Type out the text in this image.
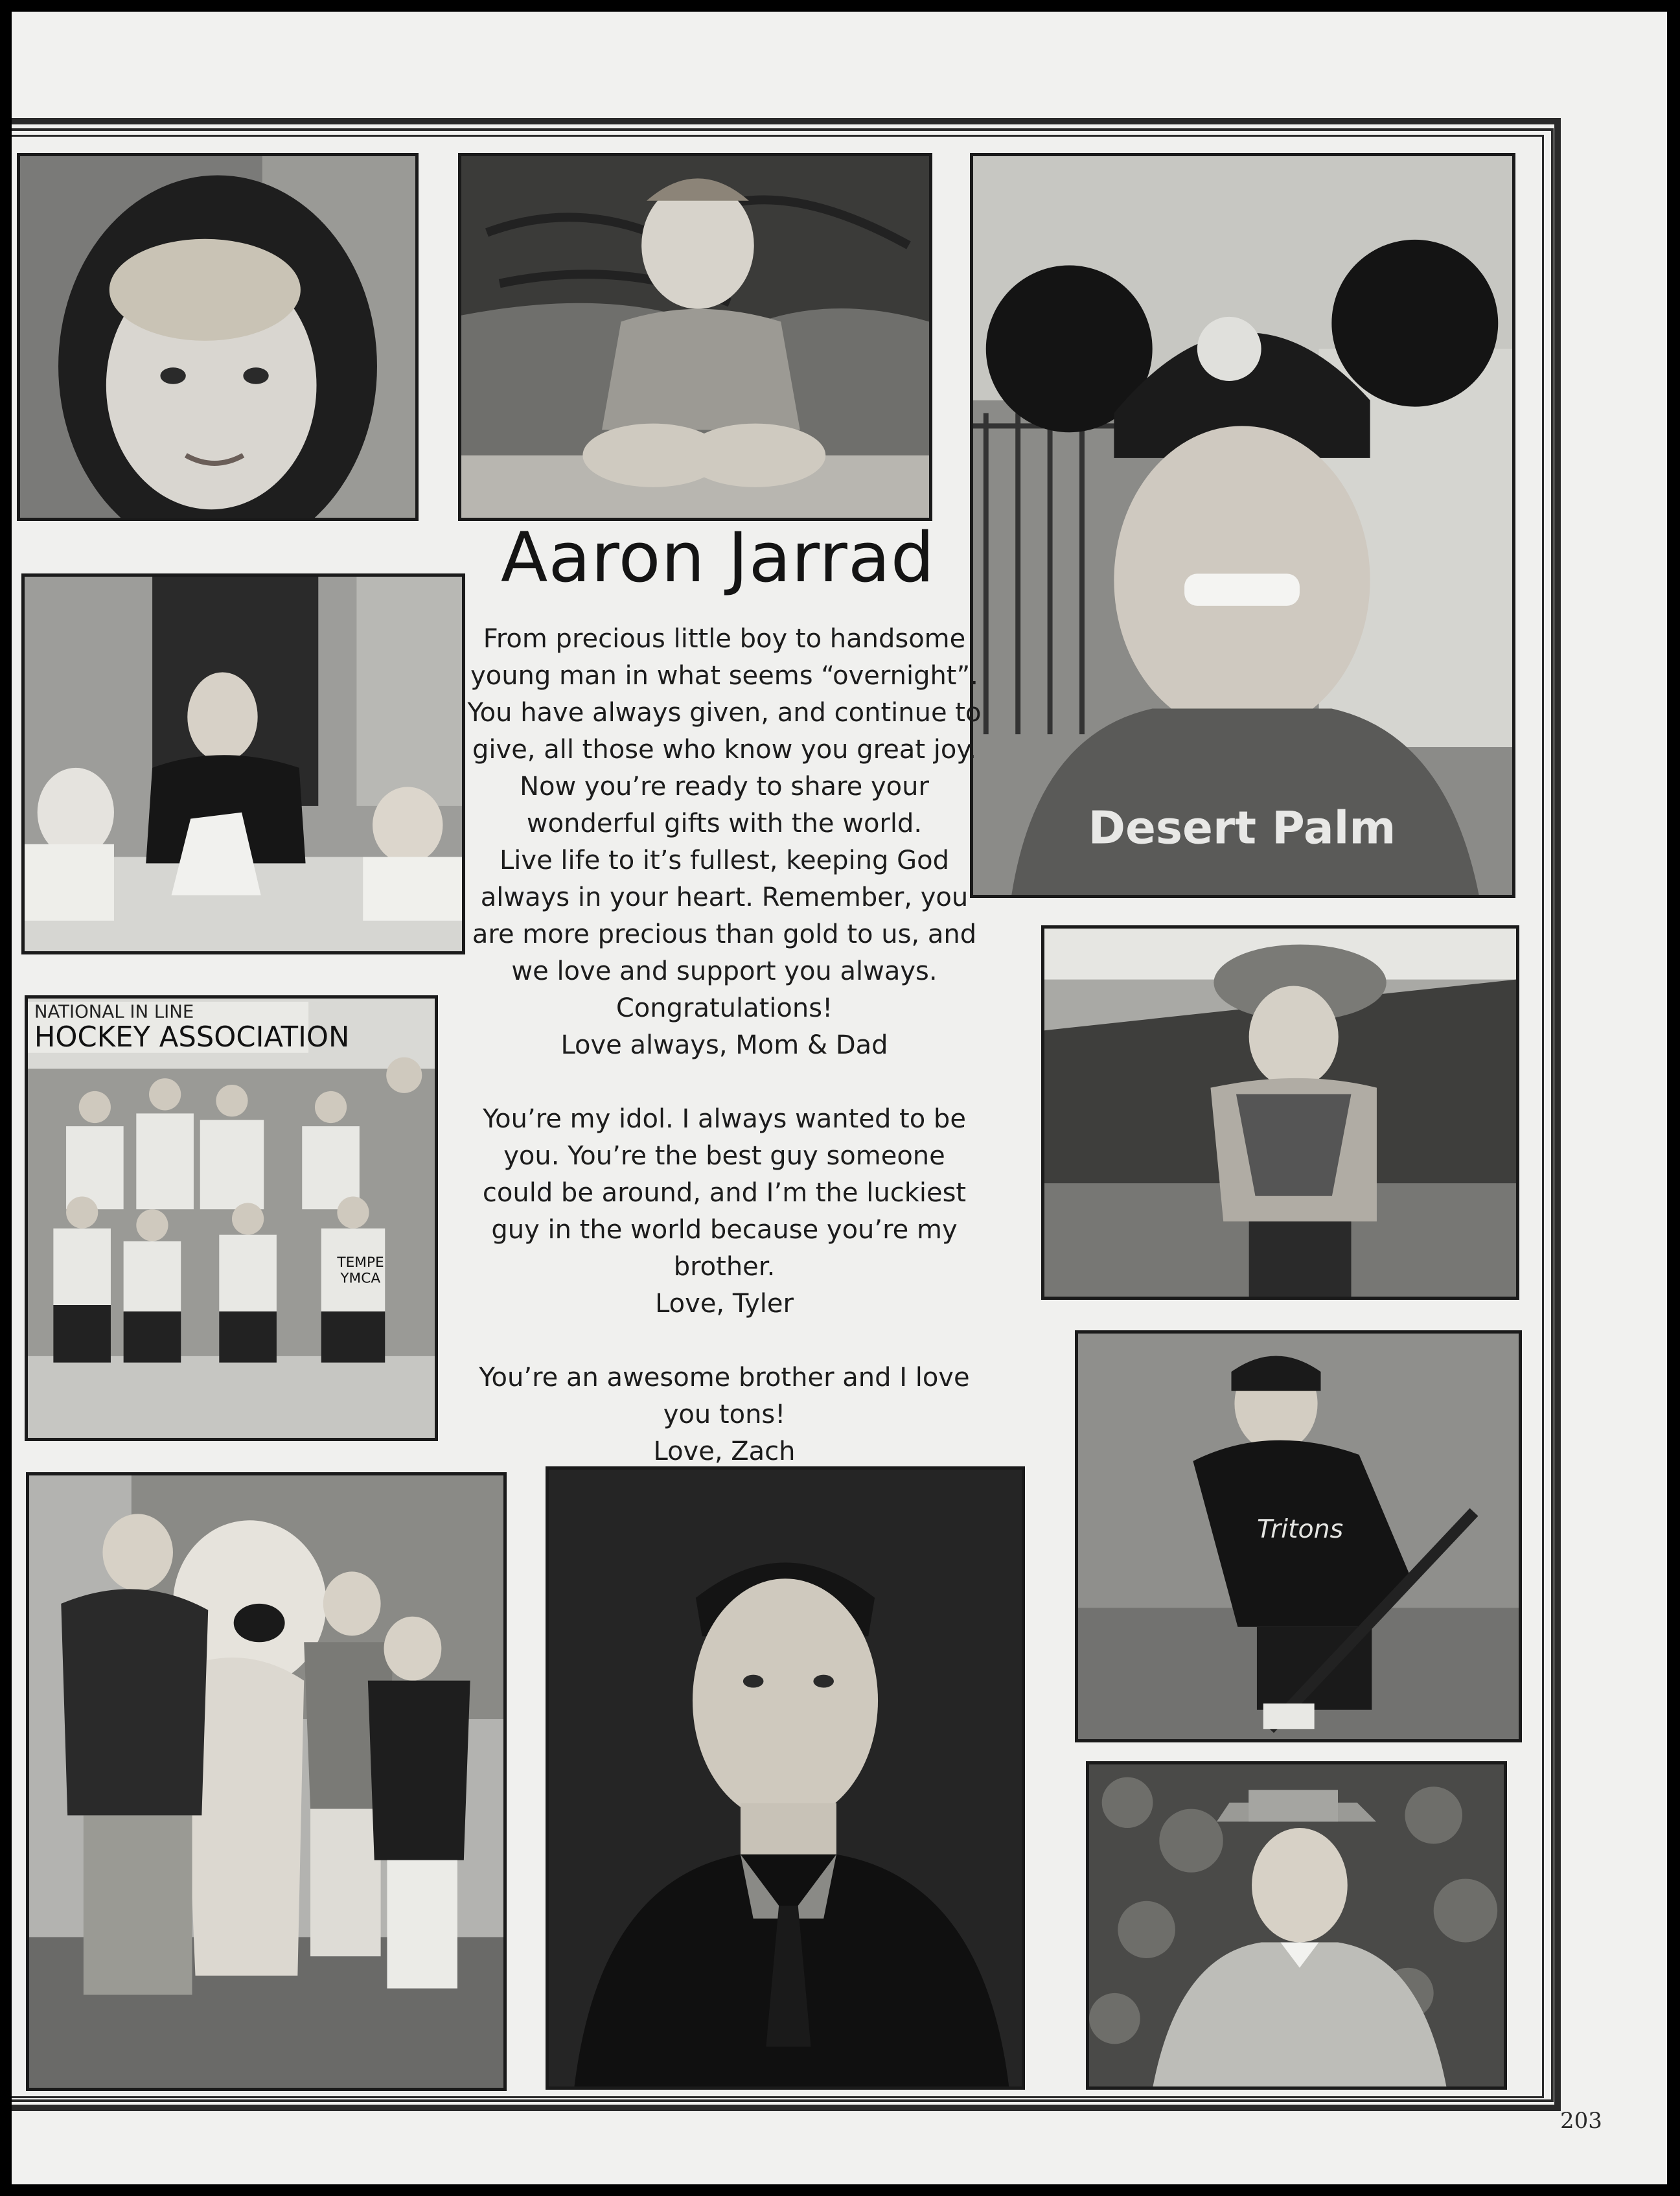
Desert Palm
NATIONAL IN LINE
HOCKEY ASSOCIATION
TEMPE
YMCA
Tritons
Aaron Jarrad

From precious little boy to handsome

young man in what seems “overnight”.

You have always given, and continue to

give, all those who know you great joy.

Now you’re ready to share your

wonderful gifts with the world.

Live life to it’s fullest, keeping God

always in your heart. Remember, you

are more precious than gold to us, and

we love and support you always.

Congratulations!

Love always, Mom & Dad

You’re my idol. I always wanted to be

you. You’re the best guy someone

could be around, and I’m the luckiest

guy in the world because you’re my

brother.

Love, Tyler

You’re an awesome brother and I love

you tons!

Love, Zach

203
